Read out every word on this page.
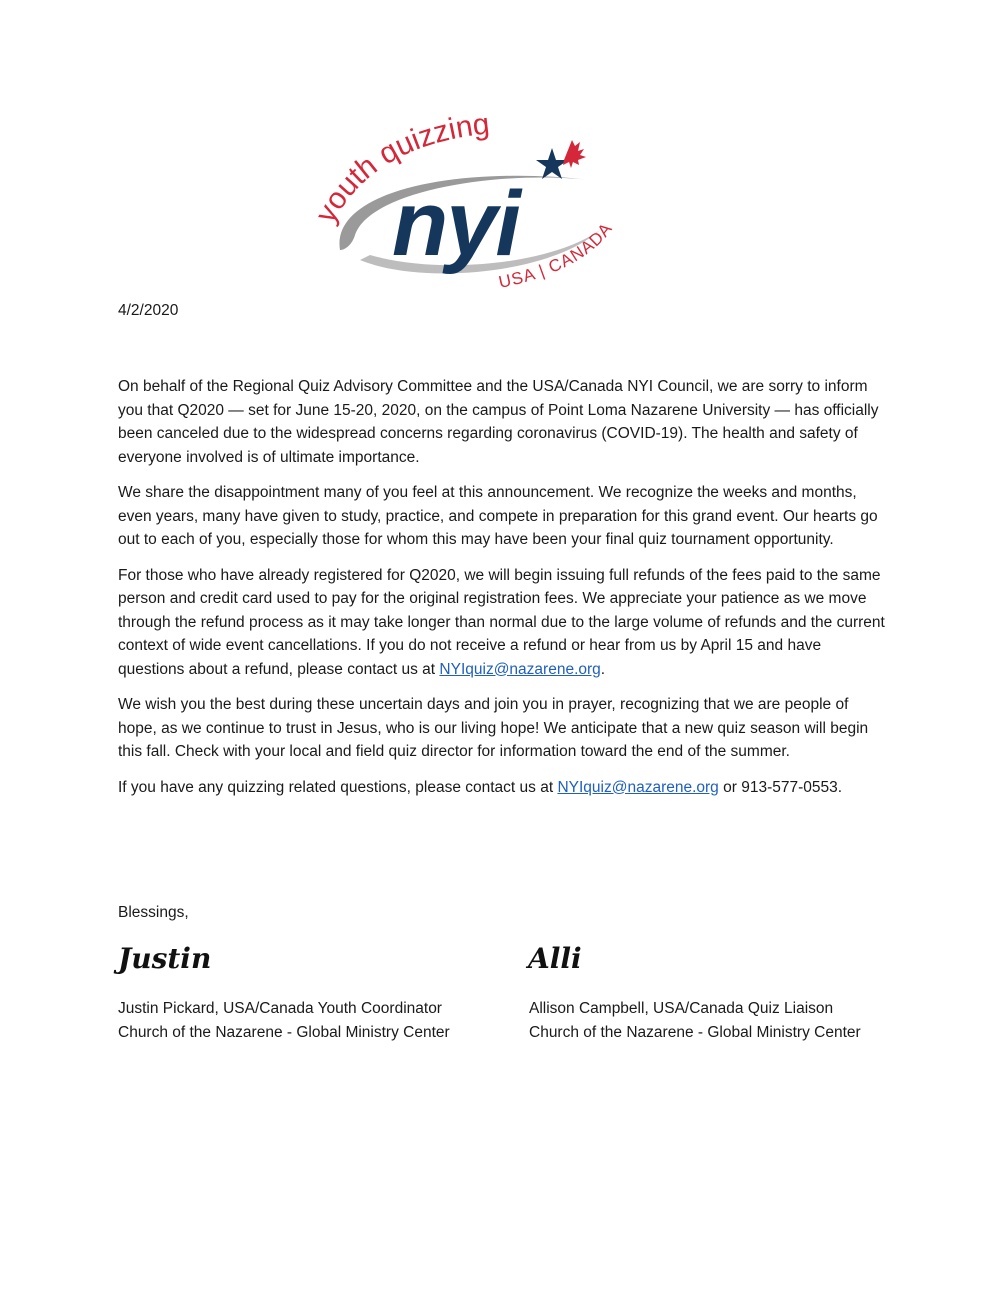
youth quizzing
nyi
USA | CANADA
4/2/2020

On behalf of the Regional Quiz Advisory Committee and the USA/Canada NYI Council, we are sorry to inform you that Q2020 — set for June 15-20, 2020, on the campus of Point Loma Nazarene University — has officially been canceled due to the widespread concerns regarding coronavirus (COVID-19). The health and safety of everyone involved is of ultimate importance.

We share the disappointment many of you feel at this announcement. We recognize the weeks and months, even years, many have given to study, practice, and compete in preparation for this grand event. Our hearts go out to each of you, especially those for whom this may have been your final quiz tournament opportunity.

For those who have already registered for Q2020, we will begin issuing full refunds of the fees paid to the same person and credit card used to pay for the original registration fees. We appreciate your patience as we move through the refund process as it may take longer than normal due to the large volume of refunds and the current context of wide event cancellations. If you do not receive a refund or hear from us by April 15 and have questions about a refund, please contact us at NYIquiz@nazarene.org.

We wish you the best during these uncertain days and join you in prayer, recognizing that we are people of hope, as we continue to trust in Jesus, who is our living hope! We anticipate that a new quiz season will begin this fall. Check with your local and field quiz director for information toward the end of the summer.

If you have any quizzing related questions, please contact us at NYIquiz@nazarene.org or 913-577-0553.

Blessings,
Justin	Alli
Justin Pickard, USA/Canada Youth Coordinator
Church of the Nazarene - Global Ministry Center
Allison Campbell, USA/Canada Quiz Liaison
Church of the Nazarene - Global Ministry Center
